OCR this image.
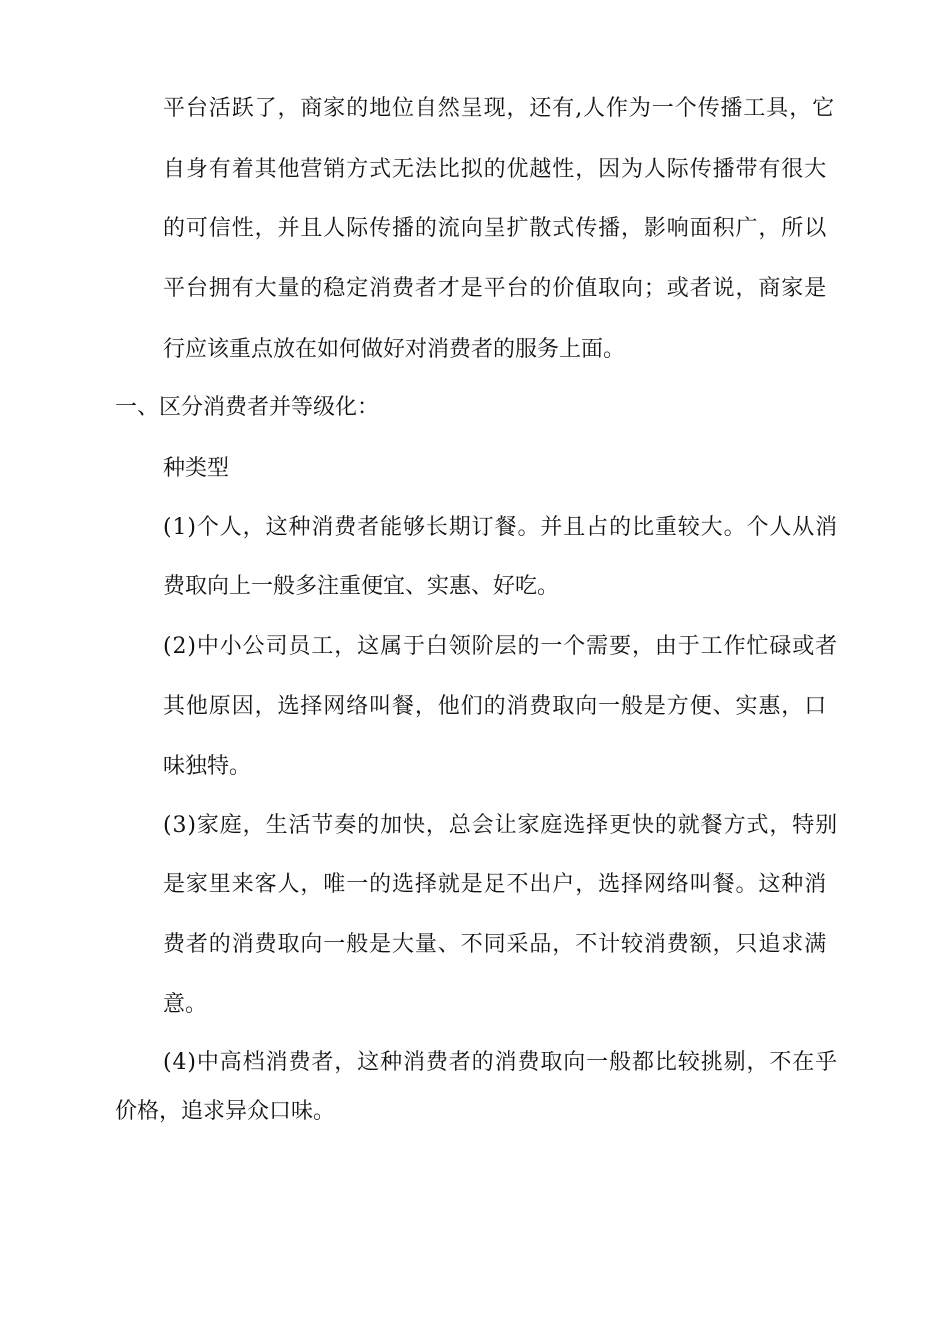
平台活跃了，商家的地位自然呈现，还有,人作为一个传播工具，它
自身有着其他营销方式无法比拟的优越性，因为人际传播带有很大
的可信性，并且人际传播的流向呈扩散式传播，影响面积广，所以
平台拥有大量的稳定消费者才是平台的价值取向；或者说，商家是
行应该重点放在如何做好对消费者的服务上面。
一、区分消费者并等级化：
种类型
(1)个人，这种消费者能够长期订餐。并且占的比重较大。个人从消
费取向上一般多注重便宜、实惠、好吃。
(2)中小公司员工，这属于白领阶层的一个需要，由于工作忙碌或者
其他原因，选择网络叫餐，他们的消费取向一般是方便、实惠，口
味独特。
(3)家庭，生活节奏的加快，总会让家庭选择更快的就餐方式，特别
是家里来客人，唯一的选择就是足不出户，选择网络叫餐。这种消
费者的消费取向一般是大量、不同采品，不计较消费额，只追求满
意。
(4)中高档消费者，这种消费者的消费取向一般都比较挑剔，不在乎
价格，追求异众口味。
